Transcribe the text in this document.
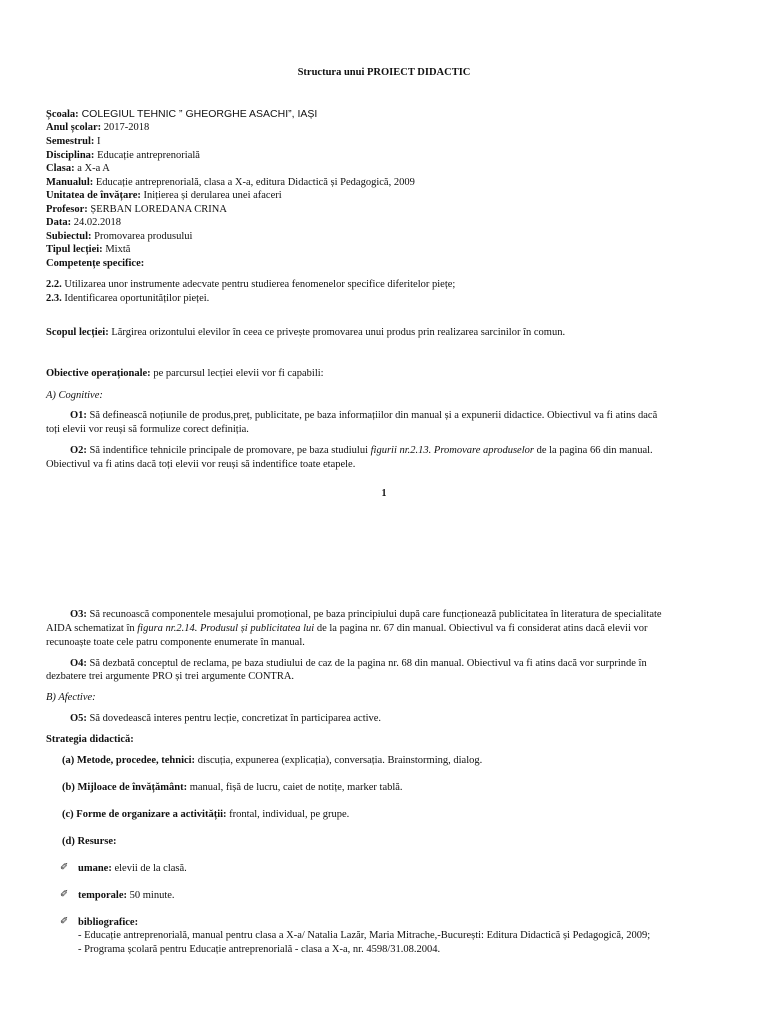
Structura unui PROIECT DIDACTIC
Școala: COLEGIUL TEHNIC ” GHEORGHE ASACHI”, IAȘI
Anul școlar: 2017-2018
Semestrul: I
Disciplina: Educație antreprenorială
Clasa: a X-a A
Manualul: Educație antreprenorială, clasa a X-a, editura Didactică și Pedagogică, 2009
Unitatea de învățare: Inițierea și derularea unei afaceri
Profesor: ȘERBAN LOREDANA CRINA
Data: 24.02.2018
Subiectul: Promovarea produsului
Tipul lecției: Mixtă
Competențe specifice:
2.2. Utilizarea unor instrumente adecvate pentru studierea fenomenelor specifice diferitelor piețe;
2.3. Identificarea oportunităților pieței.
Scopul lecției: Lărgirea orizontului elevilor în ceea ce privește promovarea unui produs prin realizarea sarcinilor în comun.
Obiective operaționale: pe parcursul lecției elevii vor fi capabili:
A) Cognitive:
O1: Să definească noțiunile de produs,preț, publicitate, pe baza informațiilor din manual și a expunerii didactice. Obiectivul va fi atins dacă
toți elevii vor reuși să formulize corect definiția.
O2: Să indentifice tehnicile principale de promovare, pe baza studiului figurii nr.2.13. Promovare aproduselor de la pagina 66 din manual.
Obiectivul va fi atins dacă toți elevii vor reuși să indentifice toate etapele.
1
O3: Să recunoască componentele mesajului promoțional, pe baza principiului după care funcționează publicitatea în literatura de specialitate
AIDA schematizat în figura nr.2.14. Produsul și publicitatea lui de la pagina nr. 67 din manual. Obiectivul va fi considerat atins dacă elevii vor
recunoaște toate cele patru componente enumerate în manual.
O4: Să dezbată conceptul de reclama, pe baza studiului de caz de la pagina nr. 68 din manual. Obiectivul va fi atins dacă vor surprinde în
dezbatere trei argumente PRO și trei argumente CONTRA.
B) Afective:
O5: Să dovedească interes pentru lecție, concretizat în participarea active.
Strategia didactică:
(a) Metode, procedee, tehnici: discuția, expunerea (explicația), conversația. Brainstorming, dialog.
(b) Mijloace de învățământ: manual, fișă de lucru, caiet de notițe, marker tablă.
(c) Forme de organizare a activității: frontal, individual, pe grupe.
(d) Resurse:
✐ umane: elevii de la clasă.
✐ temporale: 50 minute.
✐ bibliografice:
- Educație antreprenorială, manual pentru clasa a X-a/ Natalia Lazăr, Maria Mitrache,-București: Editura Didactică și Pedagogică, 2009;
- Programa școlară pentru Educație antreprenorială - clasa a X-a, nr. 4598/31.08.2004.
